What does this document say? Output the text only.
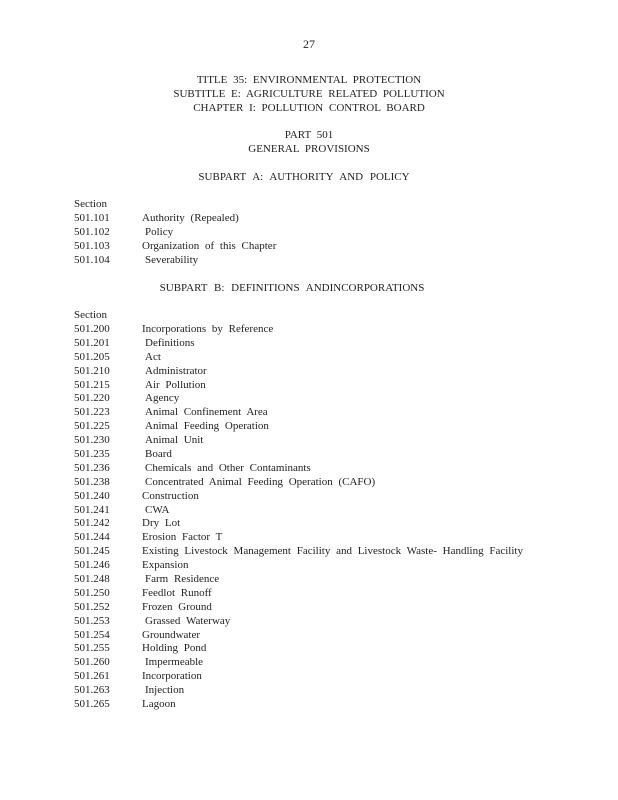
27
TITLE 35: ENVIRONMENTAL PROTECTION
SUBTITLE E: AGRICULTURE RELATED POLLUTION
CHAPTER I: POLLUTION CONTROL BOARD
PART 501
GENERAL PROVISIONS
SUBPART A: AUTHORITY AND POLICY
Section
501.101	Authority (Repealed)
501.102	Policy
501.103	Organization of this Chapter
501.104	Severability
SUBPART B: DEFINITIONS ANDINCORPORATIONS
Section
501.200	Incorporations by Reference
501.201	Definitions
501.205	Act
501.210	Administrator
501.215	Air Pollution
501.220	Agency
501.223	Animal Confinement Area
501.225	Animal Feeding Operation
501.230	Animal Unit
501.235	Board
501.236	Chemicals and Other Contaminants
501.238	Concentrated Animal Feeding Operation (CAFO)
501.240	Construction
501.241	CWA
501.242	Dry Lot
501.244	Erosion Factor T
501.245	Existing Livestock Management Facility and Livestock Waste- Handling Facility
501.246	Expansion
501.248	Farm Residence
501.250	Feedlot Runoff
501.252	Frozen Ground
501.253	Grassed Waterway
501.254	Groundwater
501.255	Holding Pond
501.260	Impermeable
501.261	Incorporation
501.263	Injection
501.265	Lagoon
